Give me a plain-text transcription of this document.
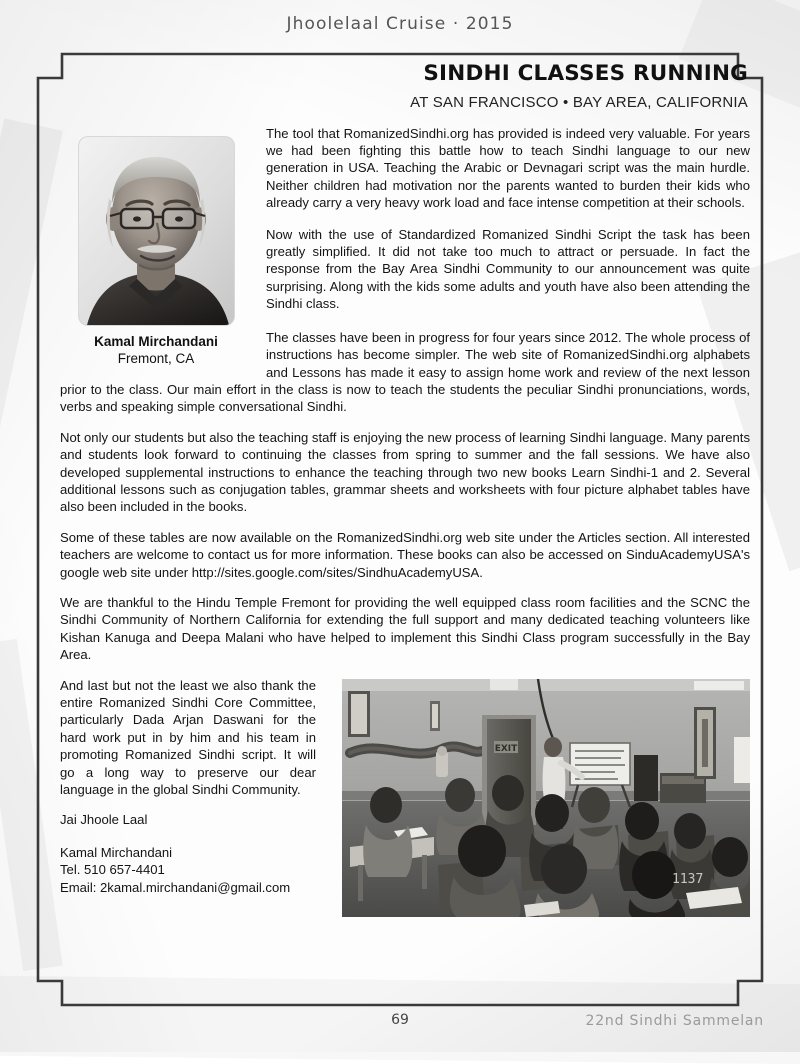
Jhoolelaal Cruise · 2015
SINDHI CLASSES RUNNING

AT SAN FRANCISCO • BAY AREA, CALIFORNIA

Kamal Mirchandani
Fremont, CA

The tool that RomanizedSindhi.org has provided is indeed very valuable. For years we had been fighting this battle how to teach Sindhi language to our new generation in USA. Teaching the Arabic or Devnagari script was the main hurdle. Neither children had motivation nor the parents wanted to burden their kids who already carry a very heavy work load and face intense competition at their schools.

Now with the use of Standardized Romanized Sindhi Script the task has been greatly simplified. It did not take too much to attract or persuade. In fact the response from the Bay Area Sindhi Community to our announcement was quite surprising. Along with the kids some adults and youth have also been attending the Sindhi class.

The classes have been in progress for four years since 2012. The whole process of instructions has become simpler. The web site of RomanizedSindhi.org alphabets and Lessons has made it easy to assign home work and review of the next lesson prior to the class. Our main effort in the class is now to teach the students the peculiar Sindhi pronunciations, words, verbs and speaking simple conversational Sindhi.

Not only our students but also the teaching staff is enjoying the new process of learning Sindhi language. Many parents and students look forward to continuing the classes from spring to summer and the fall sessions. We have also developed supplemental instructions to enhance the teaching through two new books Learn Sindhi-1 and 2. Several additional lessons such as conjugation tables, grammar sheets and worksheets with four picture alphabet tables have also been included in the books.

Some of these tables are now available on the RomanizedSindhi.org web site under the Articles section. All interested teachers are welcome to contact us for more information. These books can also be accessed on SinduAcademyUSA's google web site under http://sites.google.com/sites/SindhuAcademyUSA.

We are thankful to the Hindu Temple Fremont for providing the well equipped class room facilities and the SCNC the Sindhi Community of Northern California for extending the full support and many dedicated teaching volunteers like Kishan Kanuga and Deepa Malani who have helped to implement this Sindhi Class program successfully in the Bay Area.

EXIT
1137

And last but not the least we also thank the entire Romanized Sindhi Core Committee, particularly Dada Arjan Daswani for the hard work put in by him and his team in promoting Romanized Sindhi script. It will go a long way to preserve our dear language in the global Sindhi Community.

Jai Jhoole Laal

Kamal Mirchandani

Tel. 510 657-4401

Email: 2kamal.mirchandani@gmail.com

69	22nd Sindhi Sammelan
